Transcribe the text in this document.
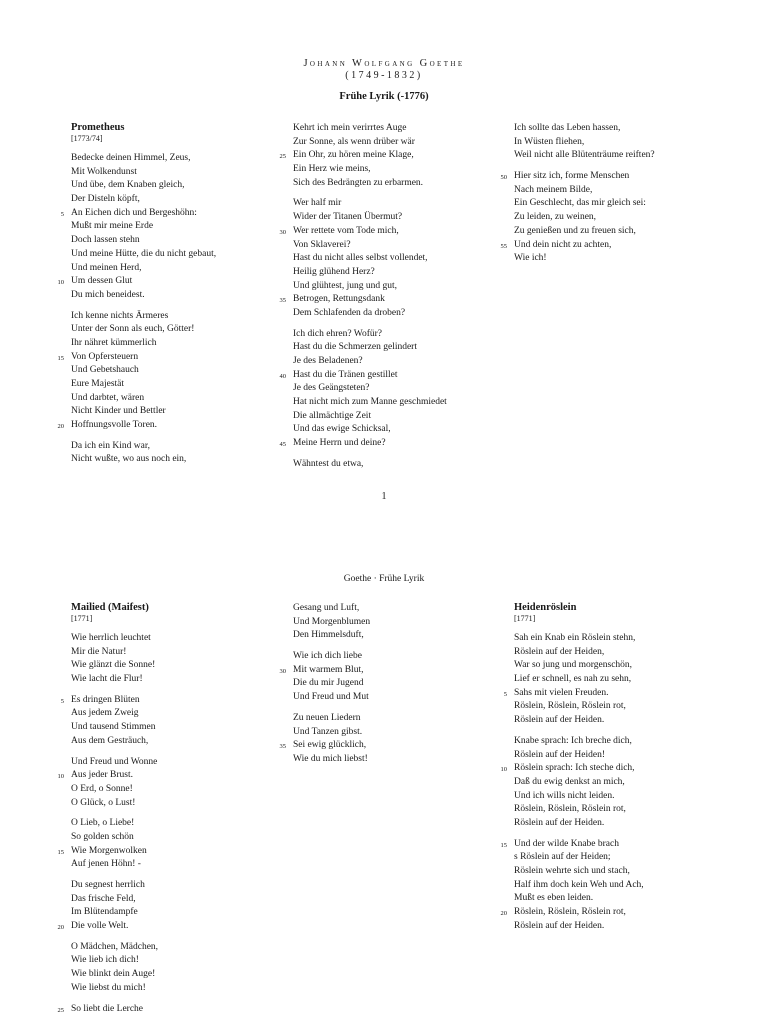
Johann Wolfgang Goethe
(1749-1832)
Frühe Lyrik (-1776)
Prometheus
[1773/74]
Bedecke deinen Himmel, Zeus,
Mit Wolkendunst
Und übe, dem Knaben gleich,
Der Disteln köpft,
An Eichen dich und Bergeshöhn:
5
Mußt mir meine Erde
Doch lassen stehn
Und meine Hütte, die du nicht gebaut,
Und meinen Herd,
Um dessen Glut
10
Du mich beneidest.
Ich kenne nichts Ärmeres
Unter der Sonn als euch, Götter!
Ihr nähret kümmerlich
Von Opfersteuern
15
Und Gebetshauch
Eure Majestät
Und darbtet, wären
Nicht Kinder und Bettler
Hoffnungsvolle Toren.
20
Da ich ein Kind war,
Nicht wußte, wo aus noch ein,
Kehrt ich mein verirrtes Auge
Zur Sonne, als wenn drüber wär
Ein Ohr, zu hören meine Klage,
25
Ein Herz wie meins,
Sich des Bedrängten zu erbarmen.
Wer half mir
Wider der Titanen Übermut?
Wer rettete vom Tode mich,
30
Von Sklaverei?
Hast du nicht alles selbst vollendet,
Heilig glühend Herz?
Und glühtest, jung und gut,
Betrogen, Rettungsdank
35
Dem Schlafenden da droben?
Ich dich ehren? Wofür?
Hast du die Schmerzen gelindert
Je des Beladenen?
Hast du die Tränen gestillet
40
Je des Geängsteten?
Hat nicht mich zum Manne geschmiedet
Die allmächtige Zeit
Und das ewige Schicksal,
Meine Herrn und deine?
45
Wähntest du etwa,
Ich sollte das Leben hassen,
In Wüsten fliehen,
Weil nicht alle Blütenträume reiften?
Hier sitz ich, forme Menschen
50
Nach meinem Bilde,
Ein Geschlecht, das mir gleich sei:
Zu leiden, zu weinen,
Zu genießen und zu freuen sich,
Und dein nicht zu achten,
55
Wie ich!
1
Goethe · Frühe Lyrik
Mailied (Maifest)
[1771]
Wie herrlich leuchtet
Mir die Natur!
Wie glänzt die Sonne!
Wie lacht die Flur!
Es dringen Blüten
5
Aus jedem Zweig
Und tausend Stimmen
Aus dem Gesträuch,
Und Freud und Wonne
Aus jeder Brust.
10
O Erd, o Sonne!
O Glück, o Lust!
O Lieb, o Liebe!
So golden schön
Wie Morgenwolken
15
Auf jenen Höhn! -
Du segnest herrlich
Das frische Feld,
Im Blütendampfe
Die volle Welt.
20
O Mädchen, Mädchen,
Wie lieb ich dich!
Wie blinkt dein Auge!
Wie liebst du mich!
So liebt die Lerche
25
Gesang und Luft,
Und Morgenblumen
Den Himmelsduft,
Wie ich dich liebe
Mit warmem Blut,
30
Die du mir Jugend
Und Freud und Mut
Zu neuen Liedern
Und Tanzen gibst.
Sei ewig glücklich,
35
Wie du mich liebst!
Heidenröslein
[1771]
Sah ein Knab ein Röslein stehn,
Röslein auf der Heiden,
War so jung und morgenschön,
Lief er schnell, es nah zu sehn,
Sahs mit vielen Freuden.
5
Röslein, Röslein, Röslein rot,
Röslein auf der Heiden.
Knabe sprach: Ich breche dich,
Röslein auf der Heiden!
Röslein sprach: Ich steche dich,
10
Daß du ewig denkst an mich,
Und ich wills nicht leiden.
Röslein, Röslein, Röslein rot,
Röslein auf der Heiden.
Und der wilde Knabe brach
15
s Röslein auf der Heiden;
Röslein wehrte sich und stach,
Half ihm doch kein Weh und Ach,
Mußt es eben leiden.
Röslein, Röslein, Röslein rot,
20
Röslein auf der Heiden.
